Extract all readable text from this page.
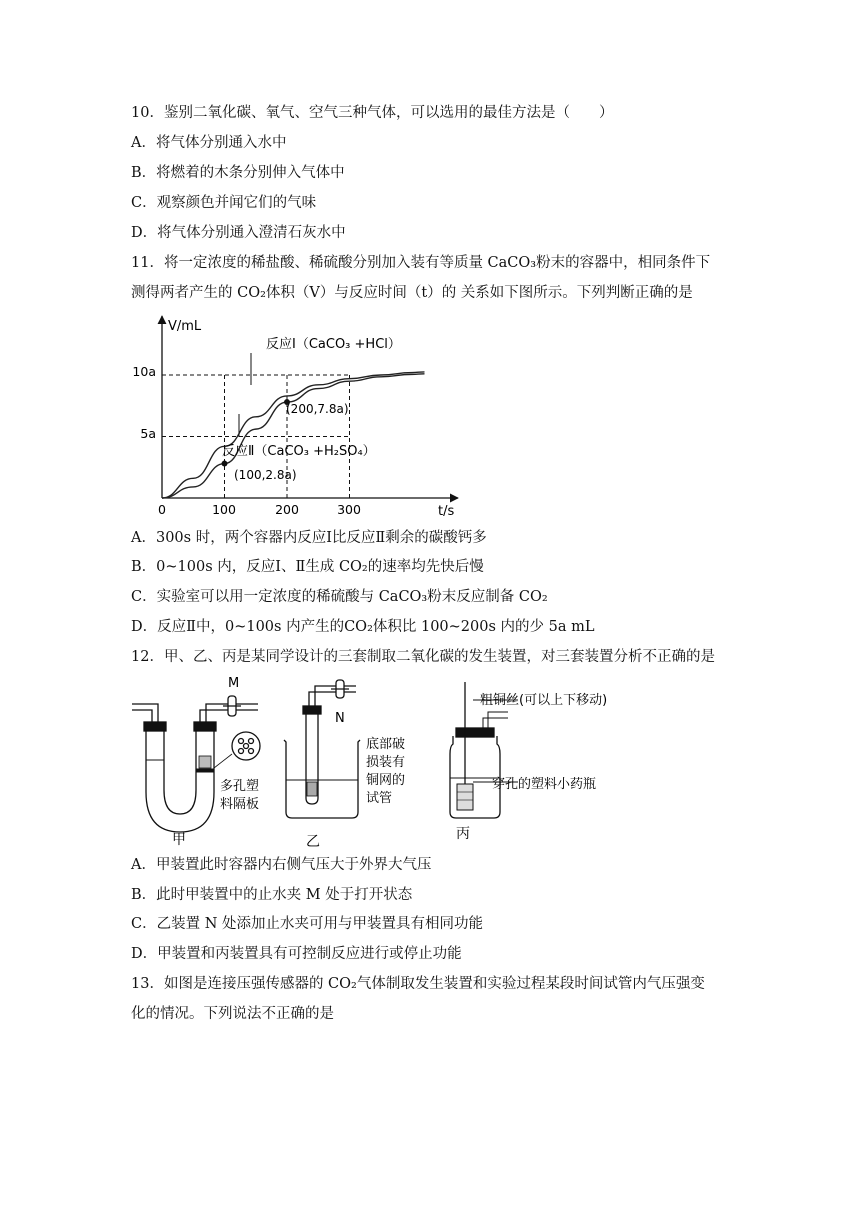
10．鉴别二氧化碳、氧气、空气三种气体，可以选用的最佳方法是（　　）
A．将气体分别通入水中
B．将燃着的木条分别伸入气体中
C．观察颜色并闻它们的气味
D．将气体分别通入澄清石灰水中
11．将一定浓度的稀盐酸、稀硫酸分别加入装有等质量 CaCO₃粉末的容器中，相同条件下
测得两者产生的 CO₂体积（V）与反应时间（t）的 关系如下图所示。下列判断正确的是
V/mL
t/s
10a
5a
0	100	200	300
反应Ⅰ（CaCO₃ +HCl）
反应Ⅱ（CaCO₃ +H₂SO₄）
(200,7.8a)
(100,2.8a)
A．300s 时，两个容器内反应Ⅰ比反应Ⅱ剩余的碳酸钙多
B．0~100s 内，反应Ⅰ、Ⅱ生成 CO₂的速率均先快后慢
C．实验室可以用一定浓度的稀硫酸与 CaCO₃粉末反应制备 CO₂
D．反应Ⅱ中，0~100s 内产生的CO₂体积比 100~200s 内的少 5a mL
12．甲、乙、丙是某同学设计的三套制取二氧化碳的发生装置，对三套装置分析不正确的是
M
N
多孔塑
料隔板
底部破
损装有
铜网的
试管
粗铜丝(可以上下移动)
穿孔的塑料小药瓶
甲	乙	丙
A．甲装置此时容器内右侧气压大于外界大气压
B．此时甲装置中的止水夹 M 处于打开状态
C．乙装置 N 处添加止水夹可用与甲装置具有相同功能
D．甲装置和丙装置具有可控制反应进行或停止功能
13．如图是连接压强传感器的 CO₂气体制取发生装置和实验过程某段时间试管内气压强变
化的情况。下列说法不正确的是
